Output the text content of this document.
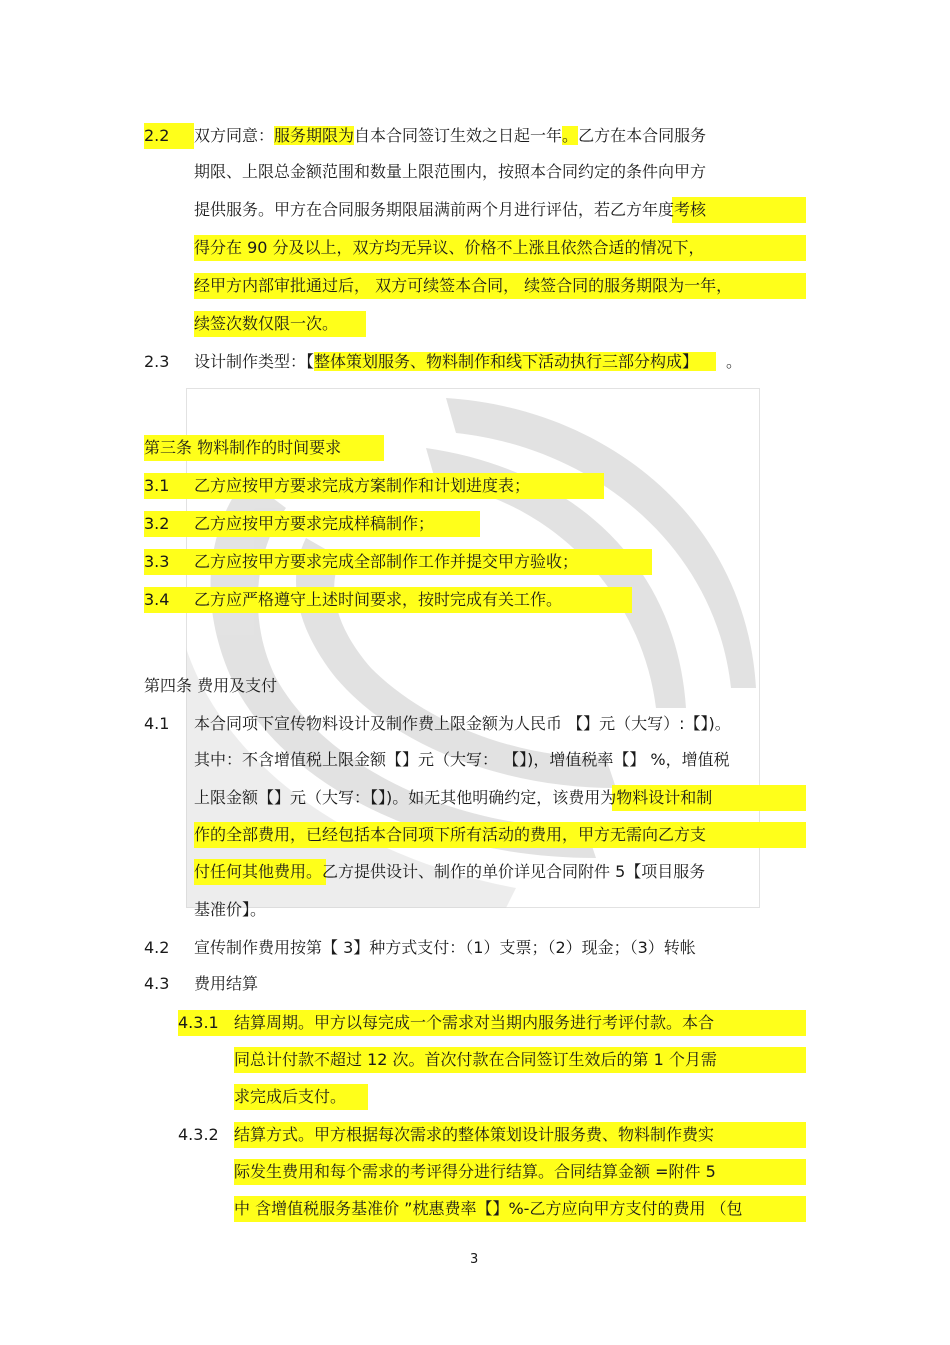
2.2 双方同意：服务期限为自本合同签订生效之日起一年。乙方在本合同服务
期限、上限总金额范围和数量上限范围内，按照本合同约定的条件向甲方
提供服务。甲方在合同服务期限届满前两个月进行评估，若乙方年度考核
得分在 90 分及以上，双方均无异议、价格不上涨且依然合适的情况下，
经甲方内部审批通过后， 双方可续签本合同， 续签合同的服务期限为一年，
续签次数仅限一次。
2.3 设计制作类型：【整体策划服务、物料制作和线下活动执行三部分构成】 。
第三条 物料制作的时间要求
3.1 乙方应按甲方要求完成方案制作和计划进度表；
3.2 乙方应按甲方要求完成样稿制作；
3.3 乙方应按甲方要求完成全部制作工作并提交甲方验收；
3.4 乙方应严格遵守上述时间要求，按时完成有关工作。
第四条 费用及支付
4.1 本合同项下宣传物料设计及制作费上限金额为人民币 【】元（大写）:【】)。
其中：不含增值税上限金额【】元（大写： 【】)，增值税率【】 %，增值税
上限金额【】元（大写：【】)。如无其他明确约定，该费用为物料设计和制
作的全部费用，已经包括本合同项下所有活动的费用，甲方无需向乙方支
付任何其他费用。乙方提供设计、制作的单价详见合同附件 5【项目服务
基准价】。
4.2 宣传制作费用按第【 3】种方式支付：（1）支票；（2）现金；（3）转帐
4.3 费用结算
4.3.1 结算周期。甲方以每完成一个需求对当期内服务进行考评付款。本合
同总计付款不超过 12 次。首次付款在合同签订生效后的第 1 个月需
求完成后支付。
4.3.2 结算方式。甲方根据每次需求的整体策划设计服务费、物料制作费实
际发生费用和每个需求的考评得分进行结算。合同结算金额 =附件 5
中 含增值税服务基准价 ”枕惠费率【】%-乙方应向甲方支付的费用 （包
3
